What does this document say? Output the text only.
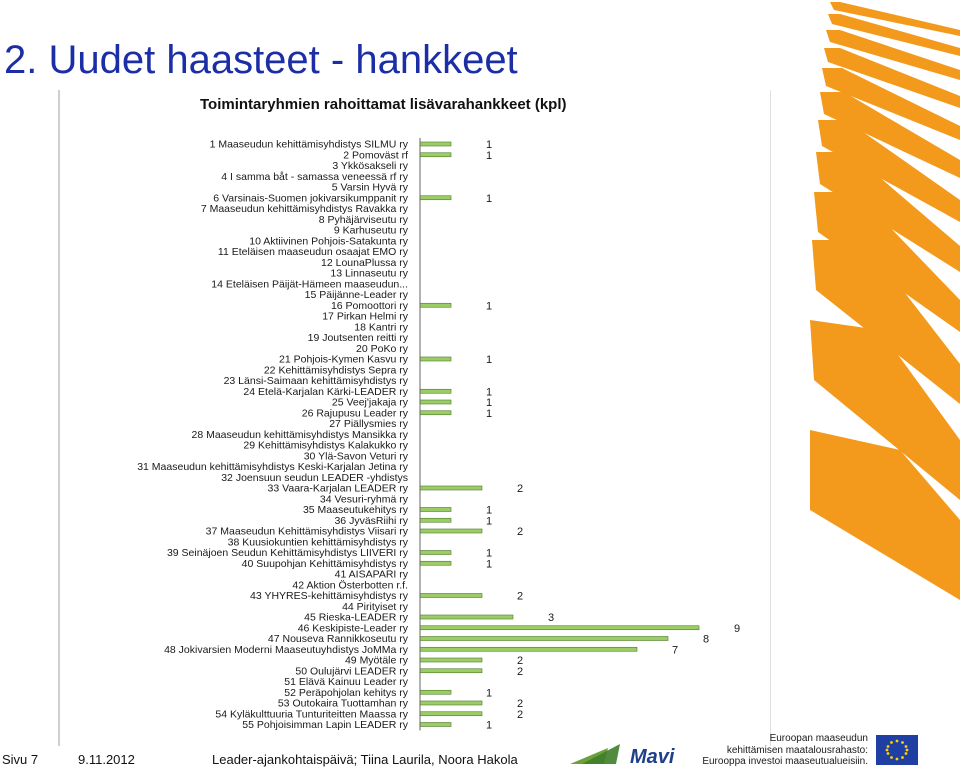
2. Uudet haasteet - hankkeet
Toimintaryhmien rahoittamat lisävarahankkeet (kpl)
1 Maaseudun kehittämisyhdistys SILMU ry	1
2 Pomoväst rf	1
3 Ykkösakseli ry
4 I samma båt - samassa veneessä rf ry
5 Varsin Hyvä ry
6 Varsinais-Suomen jokivarsikumppanit ry	1
7 Maaseudun kehittämisyhdistys Ravakka ry
8 Pyhäjärviseutu ry
9 Karhuseutu ry
10 Aktiivinen Pohjois-Satakunta ry
11 Eteläisen maaseudun osaajat EMO ry
12 LounaPlussa ry
13 Linnaseutu ry
14 Eteläisen Päijät-Hämeen maaseudun...
15 Päijänne-Leader ry
16 Pomoottori ry	1
17 Pirkan Helmi ry
18 Kantri ry
19 Joutsenten reitti ry
20 PoKo ry
21 Pohjois-Kymen Kasvu ry	1
22 Kehittämisyhdistys Sepra ry
23 Länsi-Saimaan kehittämisyhdistys ry
24 Etelä-Karjalan Kärki-LEADER ry	1
25 Veej'jakaja ry	1
26 Rajupusu Leader ry	1
27 Piällysmies ry
28 Maaseudun kehittämisyhdistys Mansikka ry
29 Kehittämisyhdistys Kalakukko ry
30 Ylä-Savon Veturi ry
31 Maaseudun kehittämisyhdistys Keski-Karjalan Jetina ry
32 Joensuun seudun LEADER -yhdistys
33 Vaara-Karjalan LEADER ry	2
34 Vesuri-ryhmä ry
35 Maaseutukehitys ry	1
36 JyväsRiihi ry	1
37 Maaseudun Kehittämisyhdistys Viisari ry	2
38 Kuusiokuntien kehittämisyhdistys ry
39 Seinäjoen Seudun Kehittämisyhdistys LIIVERI ry	1
40 Suupohjan Kehittämisyhdistys ry	1
41 AISAPARI ry
42 Aktion Österbotten r.f.
43 YHYRES-kehittämisyhdistys ry	2
44 Pirityiset ry
45 Rieska-LEADER ry	3
46 Keskipiste-Leader ry	9
47 Nouseva Rannikkoseutu ry	8
48 Jokivarsien Moderni Maaseutuyhdistys JoMMa ry	7
49 Myötäle ry	2
50 Oulujärvi LEADER ry	2
51 Elävä Kainuu Leader ry
52 Peräpohjolan kehitys ry	1
53 Outokaira Tuottamhan ry	2
54 Kyläkulttuuria Tunturiteitten Maassa ry	2
55 Pohjoisimman Lapin LEADER ry	1
Sivu 7	9.11.2012	Leader-ajankohtaispäivä; Tiina Laurila, Noora Hakola	Mavi
Euroopan maaseudun
kehittämisen maatalousrahasto:
Eurooppa investoi maaseutualueisiin.
